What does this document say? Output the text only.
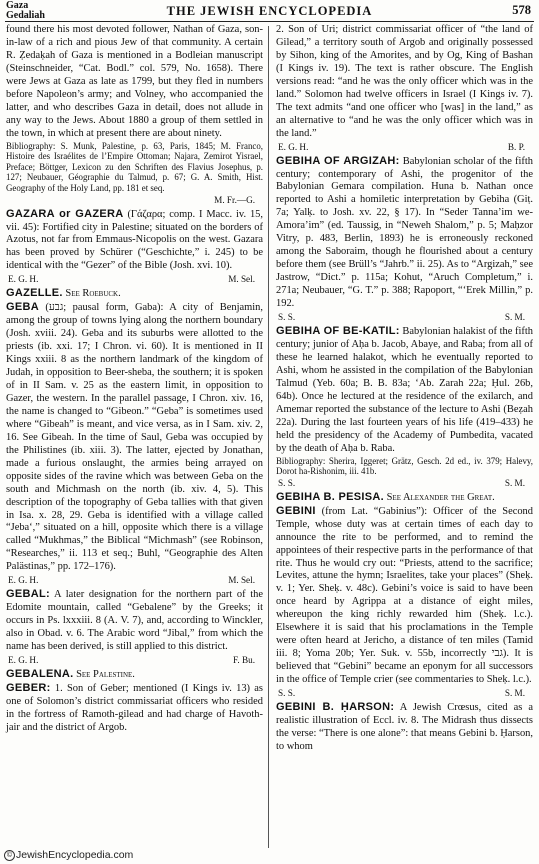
Gaza
Gedaliah	THE JEWISH ENCYCLOPEDIA	578

found there his most devoted follower, Nathan of Gaza, son-in-law of a rich and pious Jew of that community. A certain R. Ẓedaḳah of Gaza is mentioned in a Bodleian manuscript (Steinschneider, “Cat. Bodl.” col. 579, No. 1658). There were Jews at Gaza as late as 1799, but they fled in numbers before Napoleon’s army; and Volney, who accompanied the latter, and who describes Gaza in detail, does not allude in any way to the Jews. About 1880 a group of them settled in the town, in which at present there are about ninety.

Bibliography: S. Munk, Palestine, p. 63, Paris, 1845; M. Franco, Histoire des Israélites de l’Empire Ottoman; Najara, Zemirot Yisrael, Preface; Böttger, Lexicon zu den Schriften des Flavius Josephus, p. 127; Neubauer, Géographie du Talmud, p. 67; G. A. Smith, Hist. Geography of the Holy Land, pp. 181 et seq.

M. Fr.—G.

GAZARA or GAZERA (Γάζαρα; comp. I Macc. iv. 15, vii. 45): Fortified city in Palestine; situated on the borders of Azotus, not far from Emmaus-Nicopolis on the west. Gazara has been proved by Schürer (“Geschichte,” i. 245) to be identical with the “Gezer” of the Bible (Josh. xvi. 10).

E. G. H.	M. Sel.

GAZELLE. See Roebuck.

GEBA (גבע; pausal form, Gaba): A city of Benjamin, among the group of towns lying along the northern boundary (Josh. xviii. 24). Geba and its suburbs were allotted to the priests (ib. xxi. 17; I Chron. vi. 60). It is mentioned in II Kings xxiii. 8 as the northern landmark of the kingdom of Judah, in opposition to Beer-sheba, the southern; it is spoken of in II Sam. v. 25 as the eastern limit, in opposition to Gazer, the western. In the parallel passage, I Chron. xiv. 16, the name is changed to “Gibeon.” “Geba” is sometimes used where “Gibeah” is meant, and vice versa, as in I Sam. xiv. 2, 16. See Gibeah. In the time of Saul, Geba was occupied by the Philistines (ib. xiii. 3). The latter, ejected by Jonathan, made a furious onslaught, the armies being arrayed on opposite sides of the ravine which was between Geba on the south and Michmash on the north (ib. xiv. 4, 5). This description of the topography of Geba tallies with that given in Isa. x. 28, 29. Geba is identified with a village called “Jeba‘,” situated on a hill, opposite which there is a village called “Mukhmas,” the Biblical “Michmash” (see Robinson, “Researches,” ii. 113 et seq.; Buhl, “Geographie des Alten Palästinas,” pp. 172–176).

E. G. H.	M. Sel.

GEBAL: A later designation for the northern part of the Edomite mountain, called “Gebalene” by the Greeks; it occurs in Ps. lxxxiii. 8 (A. V. 7), and, according to Winckler, also in Obad. v. 6. The Arabic word “Jibal,” from which the name has been derived, is still applied to this district.

E. G. H.	F. Bu.

GEBALENA. See Palestine.

GEBER: 1. Son of Geber; mentioned (I Kings iv. 13) as one of Solomon’s district commissariat officers who resided in the fortress of Ramoth-gilead and had charge of Havoth-jair and the district of Argob.

2. Son of Uri; district commissariat officer of “the land of Gilead,” a territory south of Argob and originally possessed by Sihon, king of the Amorites, and by Og, King of Bashan (I Kings iv. 19). The text is rather obscure. The English versions read: “and he was the only officer which was in the land.” Solomon had twelve officers in Israel (I Kings iv. 7). The text admits “and one officer who [was] in the land,” as an alternative to “and he was the only officer which was in the land.”

E. G. H.	B. P.

GEBIHA OF ARGIZAH: Babylonian scholar of the fifth century; contemporary of Ashi, the progenitor of the Babylonian Gemara compilation. Huna b. Nathan once reported to Ashi a homiletic interpretation by Gebiha (Giṭ. 7a; Yalḳ. to Josh. xv. 22, § 17). In “Seder Tanna’im we-Amora’im” (ed. Taussig, in “Neweh Shalom,” p. 5; Maḥzor Vitry, p. 483, Berlin, 1893) he is erroneously reckoned among the Saboraim, though he flourished about a century before them (see Brüll’s “Jahrb.” ii. 25). As to “Argizah,” see Jastrow, “Dict.” p. 115a; Kohut, “Aruch Completum,” i. 271a; Neubauer, “G. T.” p. 388; Rapoport, “‘Erek Millin,” p. 192.

S. S.	S. M.

GEBIHA OF BE-KATIL: Babylonian halakist of the fifth century; junior of Aḥa b. Jacob, Abaye, and Raba; from all of these he learned halakot, which he eventually reported to Ashi, whom he assisted in the compilation of the Babylonian Talmud (Yeb. 60a; B. B. 83a; ‘Ab. Zarah 22a; Ḥul. 26b, 64b). Once he lectured at the residence of the exilarch, and Amemar reported the substance of the lecture to Ashi (Beẓah 22a). During the last fourteen years of his life (419–433) he held the presidency of the Academy of Pumbedita, vacated by the death of Aḥa b. Raba.

Bibliography: Sherira, Iggeret; Grätz, Gesch. 2d ed., iv. 379; Halevy, Dorot ha-Rishonim, iii. 41b.

S. S.	S. M.

GEBIHA B. PESISA. See Alexander the Great.

GEBINI (from Lat. “Gabinius”): Officer of the Second Temple, whose duty was at certain times of each day to announce the rite to be performed, and to remind the appointees of their respective parts in the performance of that rite. Thus he would cry out: “Priests, attend to the sacrifice; Levites, attune the hymn; Israelites, take your places” (Sheḳ. v. 1; Yer. Sheḳ. v. 48c). Gebini’s voice is said to have been once heard by Agrippa at a distance of eight miles, whereupon the king richly rewarded him (Sheḳ. l.c.). Elsewhere it is said that his proclamations in the Temple were often heard at Jericho, a distance of ten miles (Tamid iii. 8; Yoma 20b; Yer. Suk. v. 55b, incorrectly גבי). It is believed that “Gebini” became an eponym for all successors in the office of Temple crier (see commentaries to Sheḳ. l.c.).

S. S.	S. M.

GEBINI B. ḤARSON: A Jewish Crœsus, cited as a realistic illustration of Eccl. iv. 8. The Midrash thus dissects the verse: “There is one alone”: that means Gebini b. Ḥarson, to whom

© JewishEncyclopedia.com
